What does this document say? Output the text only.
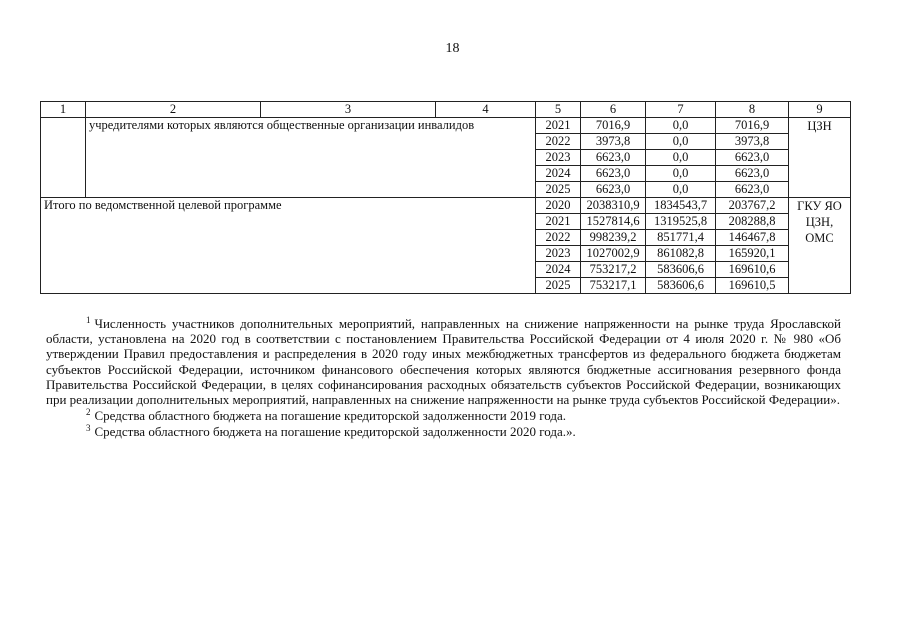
18
1	2	3	4	5	6	7	8	9
	учредителями которых являются общественные организации инвалидов			2021	7016,9	0,0	7016,9	ЦЗН
				2022	3973,8	0,0	3973,8	
				2023	6623,0	0,0	6623,0	
				2024	6623,0	0,0	6623,0	
				2025	6623,0	0,0	6623,0	
Итого по ведомственной целевой программе				2020	2038310,9	1834543,7	203767,2	ГКУ ЯО ЦЗН, ОМС
				2021	1527814,6	1319525,8	208288,8	
				2022	998239,2	851771,4	146467,8	
				2023	1027002,9	861082,8	165920,1	
				2024	753217,2	583606,6	169610,6	
				2025	753217,1	583606,6	169610,5	

$^1$ Численность участников дополнительных мероприятий, направленных на снижение напряженности на рынке труда Ярославской области, установлена на 2020 год в соответствии с постановлением Правительства Российской Федерации от 4 июля 2020 г. № 980 «Об утверждении Правил предоставления и распределения в 2020 году иных межбюджетных трансфертов из федерального бюджета бюджетам субъектов Российской Федерации, источником финансового обеспечения которых являются бюджетные ассигнования резервного фонда Правительства Российской Федерации, в целях софинансирования расходных обязательств субъектов Российской Федерации, возникающих при реализации дополнительных мероприятий, направленных на снижение напряженности на рынке труда субъектов Российской Федерации».

$^2$ Средства областного бюджета на погашение кредиторской задолженности 2019 года.

$^3$ Средства областного бюджета на погашение кредиторской задолженности 2020 года.».
